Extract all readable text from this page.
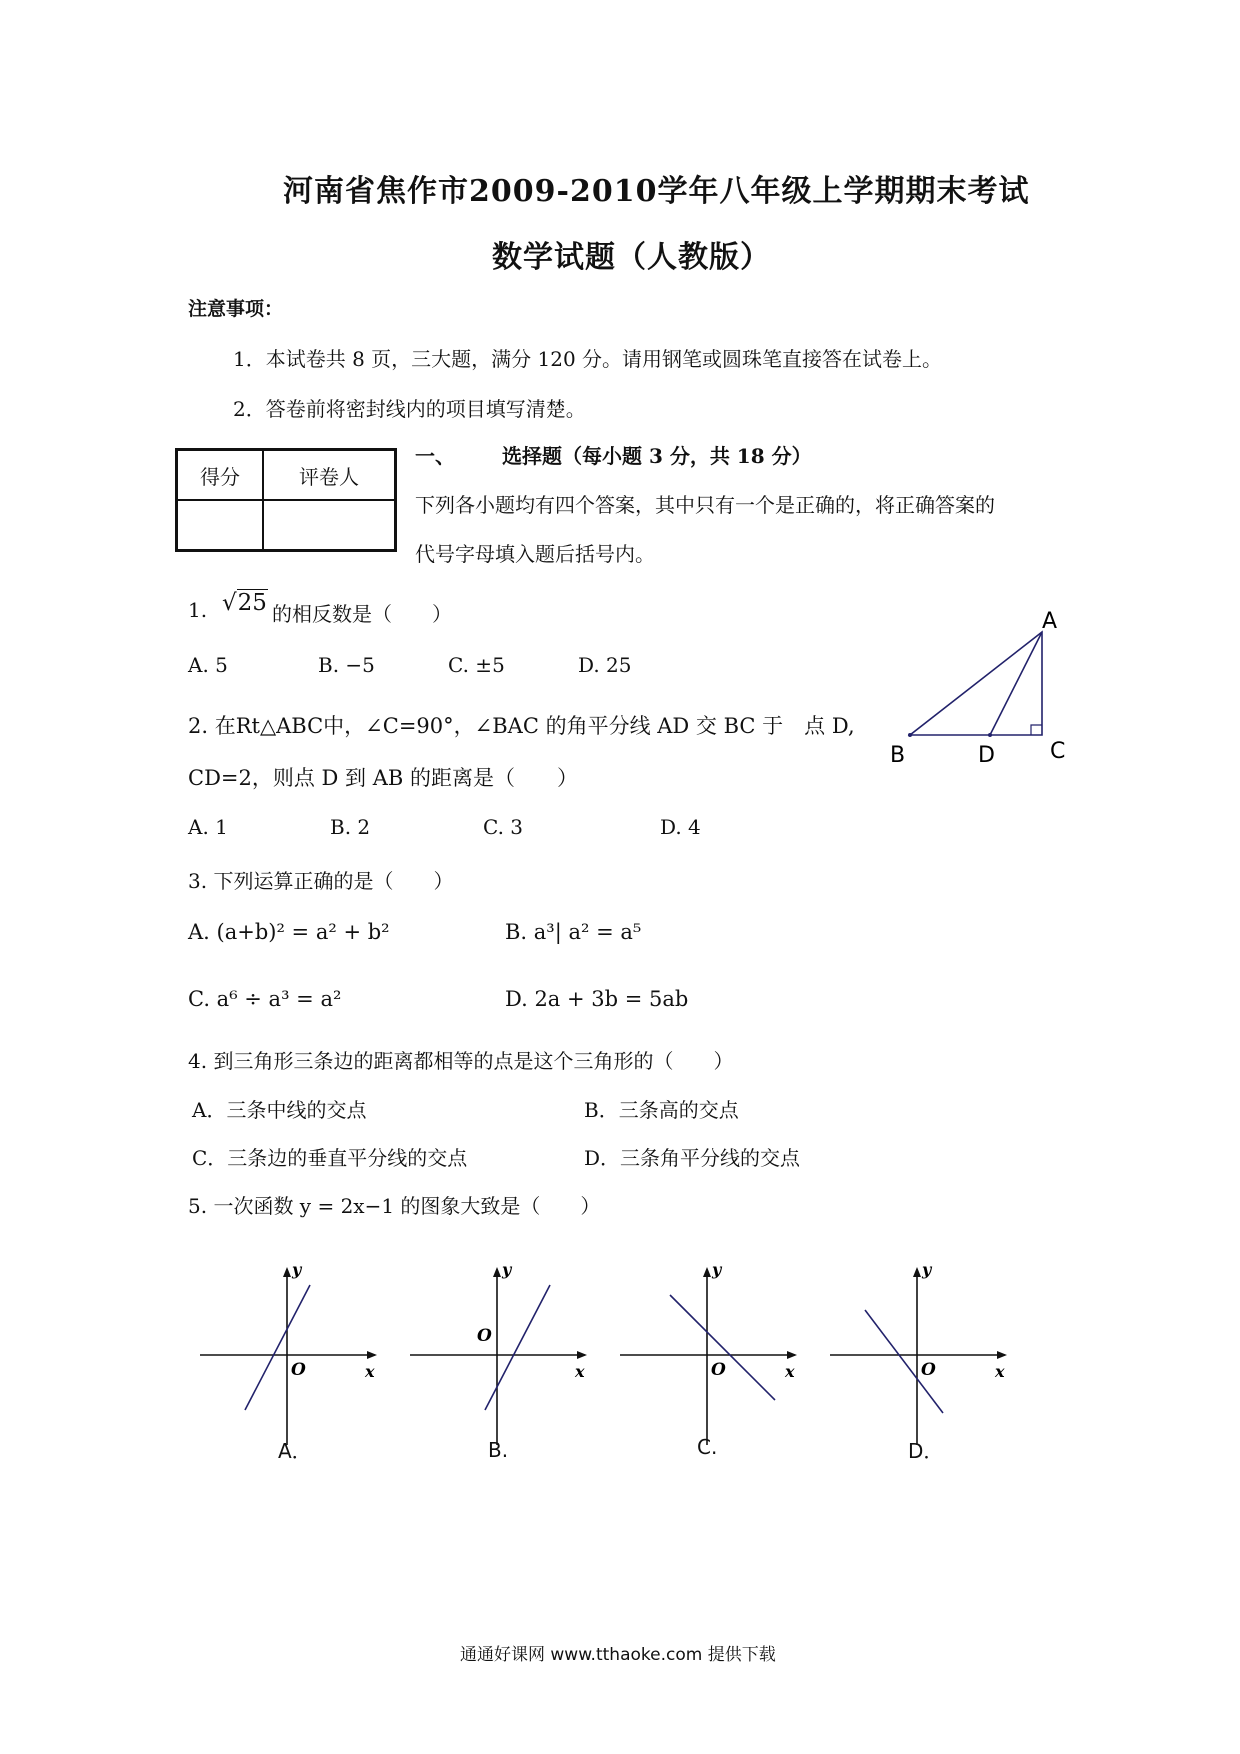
河南省焦作市2009-2010学年八年级上学期期末考试
数学试题（人教版）
注意事项：
1．本试卷共 8 页，三大题，满分 120 分。请用钢笔或圆珠笔直接答在试卷上。
2．答卷前将密封线内的项目填写清楚。
得分	评卷人

一、 选择题（每小题 3 分，共 18 分）
下列各小题均有四个答案，其中只有一个是正确的，将正确答案的
代号字母填入题后括号内。
1. √25 的相反数是（　　）
A. 5	B. −5	C. ±5	D. 25
A
B	D	C
2. 在Rt△ABC中，∠C=90°，∠BAC 的角平分线 AD 交 BC 于　点 D,
CD=2，则点 D 到 AB 的距离是（　　）
A. 1	B. 2	C. 3	D. 4
3. 下列运算正确的是（　　）
A. (a+b)² = a² + b²	B. a³| a² = a⁵
C. a⁶ ÷ a³ = a²	D. 2a + 3b = 5ab
4. 到三角形三条边的距离都相等的点是这个三角形的（　　）
A．三条中线的交点	B．三条高的交点
C．三条边的垂直平分线的交点	D．三条角平分线的交点
5. 一次函数 y = 2x−1 的图象大致是（　　）
y
x
O
A．
y
x
O
B.
y
x
O
C.
y
x
O
D．
通通好课网 www.tthaoke.com 提供下载
